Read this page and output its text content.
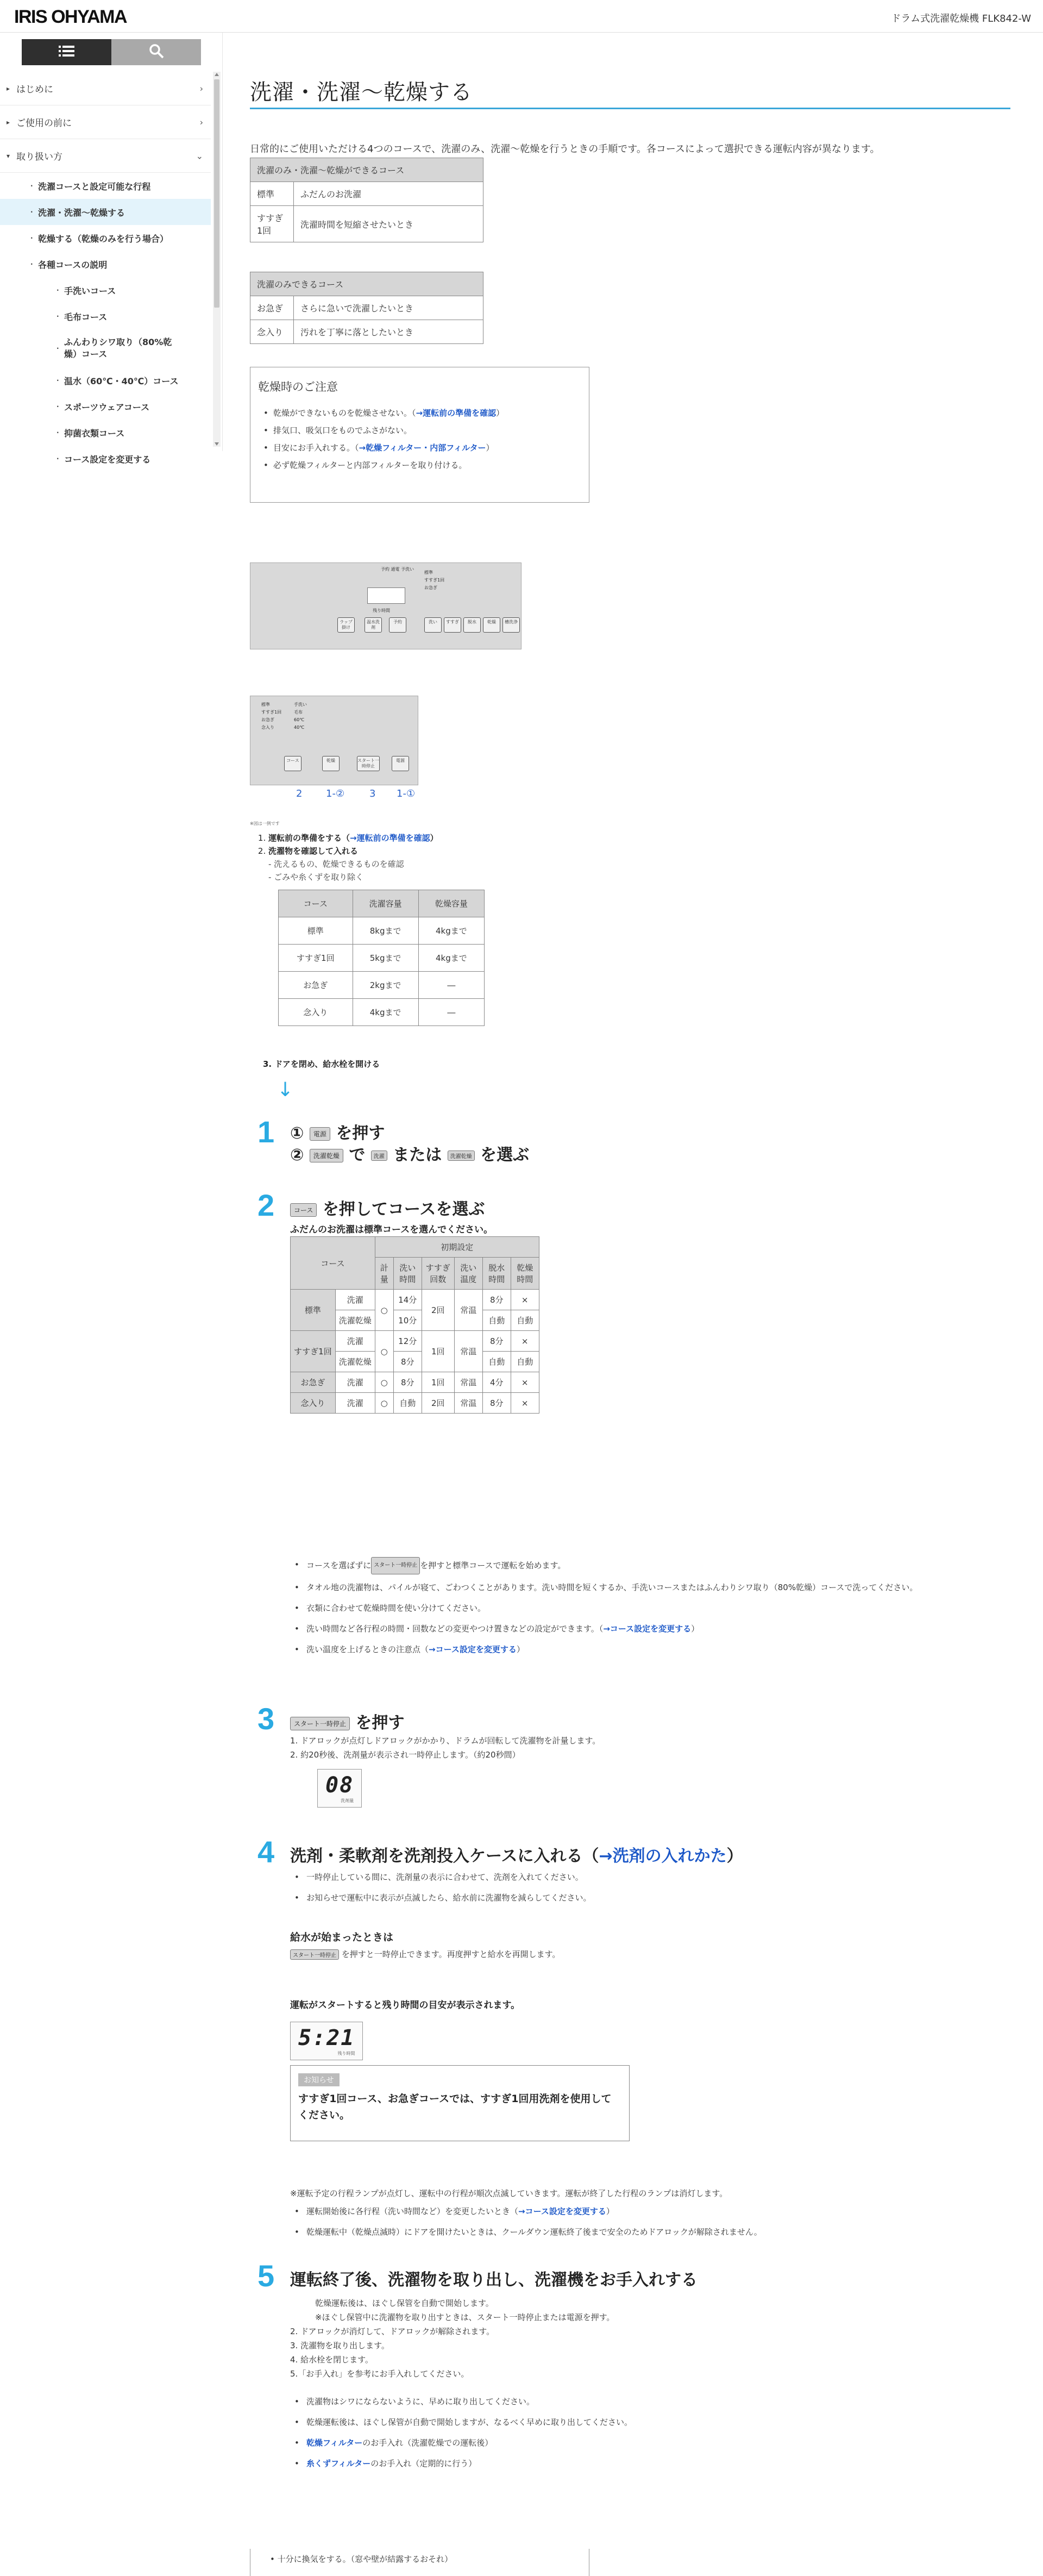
IRIS OHYAMA	ドラム式洗濯乾燥機 FLK842-W
▸ はじめに	›
▸ ご使用の前に	›
▾ 取り扱い方	⌄
· 洗濯コースと設定可能な行程
· 洗濯・洗濯～乾燥する
· 乾燥する（乾燥のみを行う場合）
· 各種コースの説明
· 手洗いコース
· 毛布コース
·
ふんわりシワ取り（80%乾燥）コース
· 温水（60℃・40℃）コース
· スポーツウェアコース
· 抑菌衣類コース
· コース設定を変更する
洗濯・洗濯～乾燥する

日常的にご使用いただける4つのコースで、洗濯のみ、洗濯～乾燥を行うときの手順です。各コースによって選択できる運転内容が異なります。

洗濯のみ・洗濯～乾燥ができるコース	
標準	ふだんのお洗濯
すすぎ1回	洗濯時間を短縮させたいとき
洗濯のみできるコース	
お急ぎ	さらに急いで洗濯したいとき
念入り	汚れを丁寧に落としたいとき
乾燥時のご注意
• 乾燥ができないものを乾燥させない。（→運転前の準備を確認）
• 排気口、吸気口をものでふさがない。
• 目安にお手入れする。（→乾燥フィルター・内部フィルター）
• 必ず乾燥フィルターと内部フィルターを取り付ける。
予約 通電 予洗い
残り時間
標準
すすぎ1回
お急ぎ
ラップ掛け
温水洗剤
予約	洗い	すすぎ	脱水	乾燥	槽洗浄
標準
すすぎ1回
お急ぎ
念入り
手洗い
毛布
60℃
40℃
コース	乾燥	スタート一時停止
電源
2 1-②	3 1-①
※図は一例です
1. 運転前の準備をする（→運転前の準備を確認）
2. 洗濯物を確認して入れる
- 洗えるもの、乾燥できるものを確認
- ごみや糸くずを取り除く
コース	洗濯容量	乾燥容量
標準	8kgまで	4kgまで
すすぎ1回	5kgまで	4kgまで
お急ぎ	2kgまで	―
念入り	4kgまで	―
3. ドアを閉め、給水栓を開ける
↓
1 ① 電源 を押す
② 洗濯乾燥 で 洗濯 または 洗濯乾燥 を選ぶ
2	コース を押してコースを選ぶ
ふだんのお洗濯は標準コースを選んでください。
コース		初期設定					
		計量	洗い時間	すすぎ回数	洗い温度	脱水時間	乾燥時間
標準	洗濯	○	14分	2回	常温	8分	×
	洗濯乾燥		10分			自動	自動
すすぎ1回	洗濯	○	12分	1回	常温	8分	×
	洗濯乾燥		8分			自動	自動
お急ぎ	洗濯	○	8分	1回	常温	4分	×
念入り	洗濯	○	自動	2回	常温	8分	×
• コースを選ばずに スタート一時停止 を押すと標準コースで運転を始めます。
• タオル地の洗濯物は、パイルが寝て、ごわつくことがあります。洗い時間を短くするか、手洗いコースまたはふんわりシワ取り（80%乾燥）コースで洗ってください。
• 衣類に合わせて乾燥時間を使い分けてください。
• 洗い時間など各行程の時間・回数などの変更やつけ置きなどの設定ができます。（→コース設定を変更する）
• 洗い温度を上げるときの注意点（→コース設定を変更する）
3	スタート一時停止 を押す
1. ドアロックが点灯しドアロックがかかり、ドラムが回転して洗濯物を計量します。
2. 約20秒後、洗剤量が表示され一時停止します。（約20秒間）
08
洗剤量
4 洗剤・柔軟剤を洗剤投入ケースに入れる（→洗剤の入れかた）
• 一時停止している間に、洗剤量の表示に合わせて、洗剤を入れてください。
• お知らせで運転中に表示が点滅したら、給水前に洗濯物を減らしてください。
給水が始まったときは
スタート一時停止 を押すと一時停止できます。再度押すと給水を再開します。
運転がスタートすると残り時間の目安が表示されます。
5:21
残り時間
お知らせ

すすぎ1回コース、お急ぎコースでは、すすぎ1回用洗剤を使用してください。

※運転予定の行程ランプが点灯し、運転中の行程が順次点滅していきます。運転が終了した行程のランプは消灯します。
• 運転開始後に各行程（洗い時間など）を変更したいとき（→コース設定を変更する）
• 乾燥運転中（乾燥点滅時）にドアを開けたいときは、クールダウン運転終了後まで安全のためドアロックが解除されません。
5 運転終了後、洗濯物を取り出し、洗濯機をお手入れする
乾燥運転後は、ほぐし保管を自動で開始します。
※ほぐし保管中に洗濯物を取り出すときは、スタート一時停止または電源を押す。
2. ドアロックが消灯して、ドアロックが解除されます。
3. 洗濯物を取り出します。
4. 給水栓を閉じます。
5.「お手入れ」を参考にお手入れしてください。
• 洗濯物はシワにならないように、早めに取り出してください。
• 乾燥運転後は、ほぐし保管が自動で開始しますが、なるべく早めに取り出してください。
• 乾燥フィルターのお手入れ（洗濯乾燥での運転後）
• 糸くずフィルターのお手入れ（定期的に行う）
• 十分に換気をする。（窓や壁が結露するおそれ）
